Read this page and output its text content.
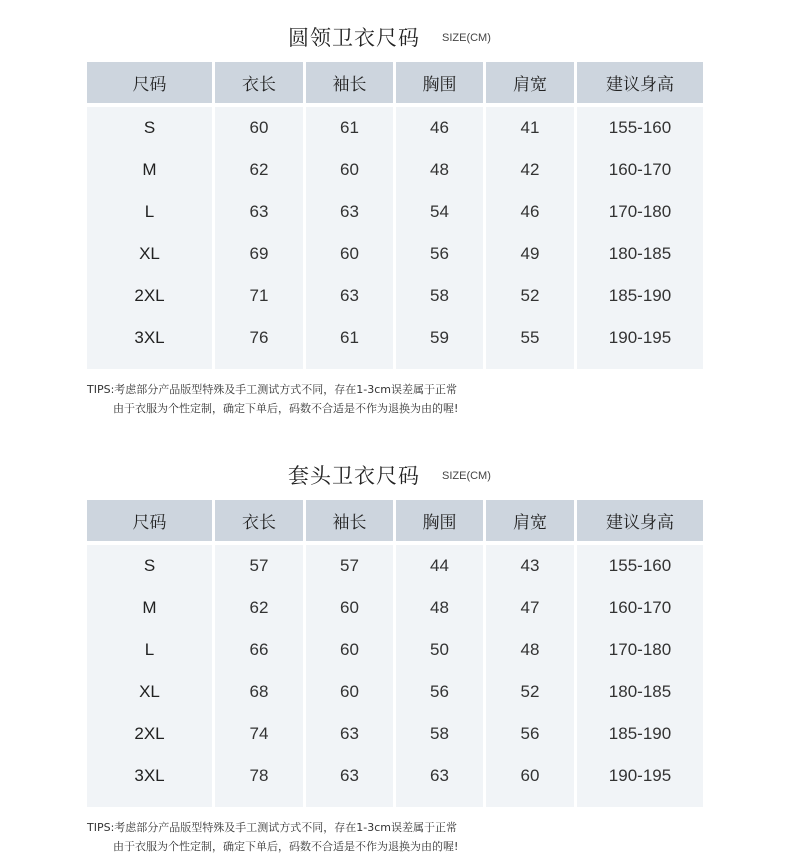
圆领卫衣尺码 SIZE(CM)
尺码	衣长	袖长	胸围	肩宽	建议身高
S	60	61	46	41	155-160
M	62	60	48	42	160-170
L	63	63	54	46	170-180
XL	69	60	56	49	180-185
2XL	71	63	58	52	185-190
3XL	76	61	59	55	190-195
TIPS:考虑部分产品版型特殊及手工测试方式不同，存在1-3cm误差属于正常
由于衣服为个性定制，确定下单后，码数不合适是不作为退换为由的喔!
套头卫衣尺码 SIZE(CM)
尺码	衣长	袖长	胸围	肩宽	建议身高
S	57	57	44	43	155-160
M	62	60	48	47	160-170
L	66	60	50	48	170-180
XL	68	60	56	52	180-185
2XL	74	63	58	56	185-190
3XL	78	63	63	60	190-195
TIPS:考虑部分产品版型特殊及手工测试方式不同，存在1-3cm误差属于正常
由于衣服为个性定制，确定下单后，码数不合适是不作为退换为由的喔!
